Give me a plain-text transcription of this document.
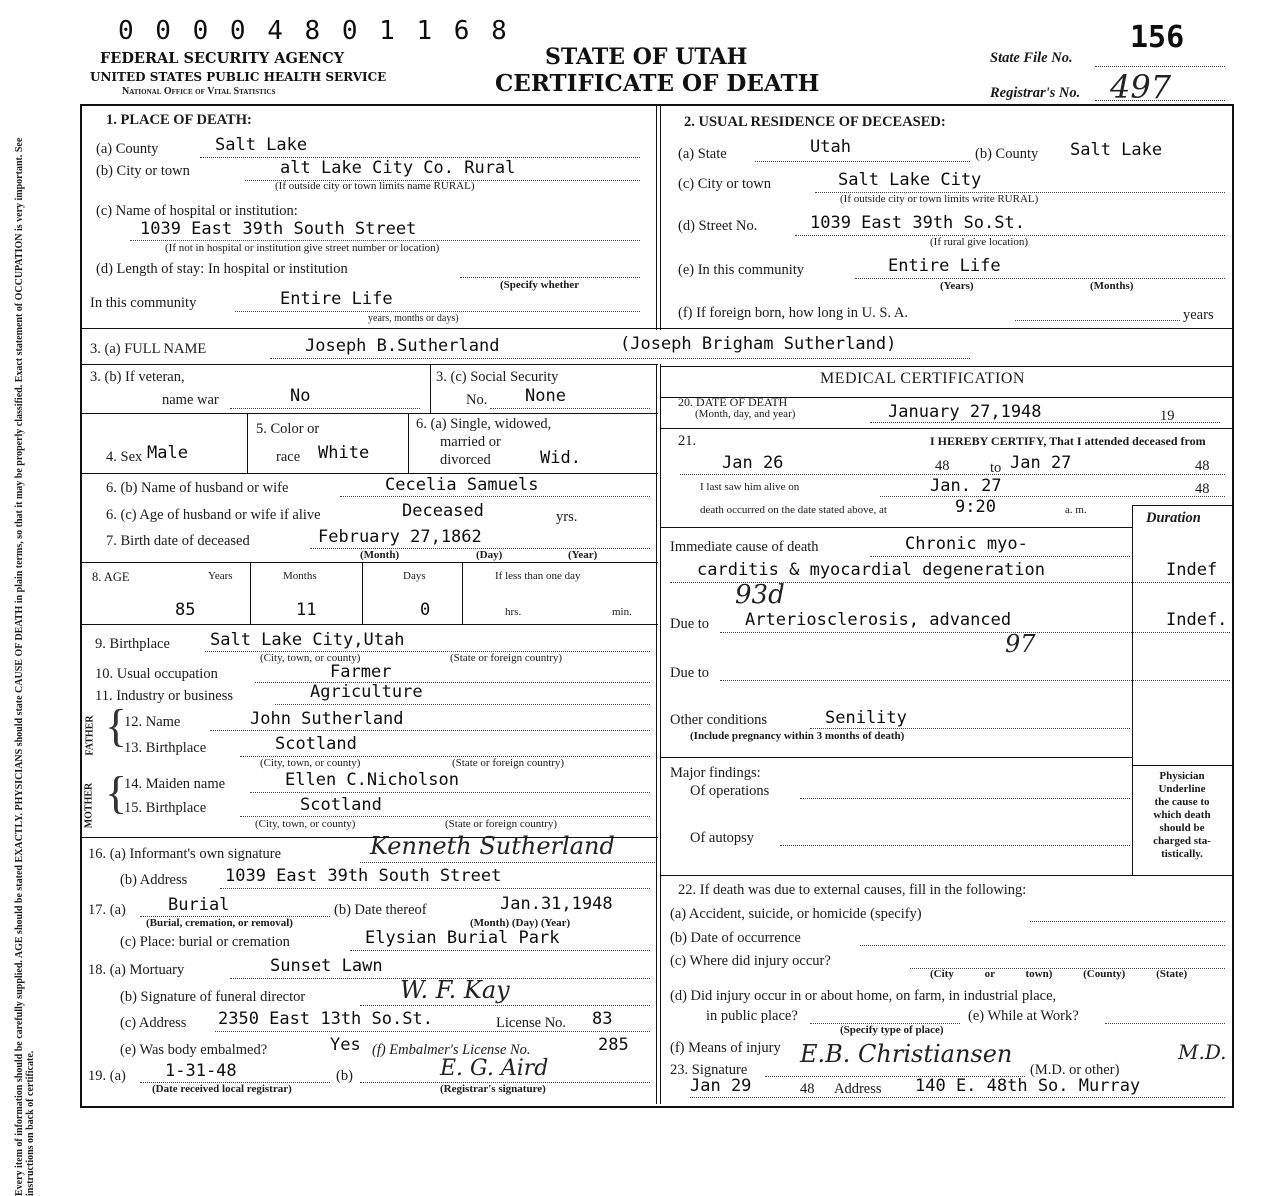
0 0 0 0 4 8 0 1 1 6 8
FEDERAL SECURITY AGENCY
UNITED STATES PUBLIC HEALTH SERVICE
National Office of Vital Statistics
STATE OF UTAH
CERTIFICATE OF DEATH
State File No.
156
Registrar's No. 497
Every item of information should be carefully supplied. AGE should be stated EXACTLY. PHYSICIANS should state CAUSE OF DEATH in plain terms, so that it may be properly classified. Exact statement of OCCUPATION is very important. See instructions on back of certificate.
1. PLACE OF DEATH:
(a) County	Salt Lake
(b) City or town	alt Lake City Co. Rural
(If outside city or town limits name RURAL)
(c) Name of hospital or institution:
1039 East 39th South Street
(If not in hospital or institution give street number or location)
(d) Length of stay: In hospital or institution
(Specify whether
In this community	Entire Life
years, months or days)
2. USUAL RESIDENCE OF DECEASED:
(a) State	Utah	(b) County Salt Lake
(c) City or town	Salt Lake City
(If outside city or town limits write RURAL)
(d) Street No.	1039 East 39th So.St.
(If rural give location)
(e) In this community	Entire Life
(Years)	(Months)
(f) If foreign born, how long in U. S. A.	years
3. (a) FULL NAME	Joseph B.Sutherland	(Joseph Brigham Sutherland)
3. (b) If veteran,
name war	No
3. (c) Social Security
No. None
4. Sex Male
5. Color or
race White
6. (a) Single, widowed,
married or
divorced	Wid.
6. (b) Name of husband or wife	Cecelia Samuels
6. (c) Age of husband or wife if alive	Deceased	yrs.
7. Birth date of deceased	February 27,1862
(Month)	(Day)	(Year)
8. AGE	Years	Months	Days	If less than one day
85	11	0	hrs.	min.
9. Birthplace Salt Lake City,Utah
(City, town, or county)	(State or foreign country)
10. Usual occupation	Farmer
11. Industry or business	Agriculture
FATHER
MOTHER
{
{
12. Name	John Sutherland
13. Birthplace	Scotland
(City, town, or county)	(State or foreign country)
14. Maiden name	Ellen C.Nicholson
15. Birthplace	Scotland
(City, town, or county)	(State or foreign country)
16. (a) Informant's own signature	Kenneth Sutherland
(b) Address 1039 East 39th South Street
17. (a) Burial
(Burial, cremation, or removal)
(b) Date thereof	Jan.31,1948
(Month) (Day) (Year)
(c) Place: burial or cremation	Elysian Burial Park
18. (a) Mortuary	Sunset Lawn
(b) Signature of funeral director	W. F. Kay
(c) Address 2350 East 13th So.St.	License No. 83
(e) Was body embalmed?	Yes (f) Embalmer's License No.	285
19. (a) 1-31-48
(Date received local registrar)
(b)	E. G. Aird
(Registrar's signature)
MEDICAL CERTIFICATION
20. DATE OF DEATH
(Month, day, and year)	January 27,1948	19
21.	I HEREBY CERTIFY, That I attended deceased from
Jan 26	48	to Jan 27	48
I last saw him alive on	Jan. 27	48
death occurred on the date stated above, at	9:20	a. m.	Duration
Immediate cause of death	Chronic myo-
carditis & myocardial degeneration	Indef
93d
Due to Arteriosclerosis, advanced	Indef.
97
Due to
Other conditions	Senility
(Include pregnancy within 3 months of death)
Major findings:
Of operations
Of autopsy
Physician
Underline
the cause to
which death
should be
charged sta-
tistically.
22. If death was due to external causes, fill in the following:
(a) Accident, suicide, or homicide (specify)
(b) Date of occurrence
(c) Where did injury occur?
(City or town) (County) (State)
(d) Did injury occur in or about home, on farm, in industrial place,
in public place?
(Specify type of place)
(e) While at Work?
(f) Means of injury
23. Signature
E.B. Christiansen
(M.D. or other)
M.D.
Jan 29	48 Address 140 E. 48th So. Murray
